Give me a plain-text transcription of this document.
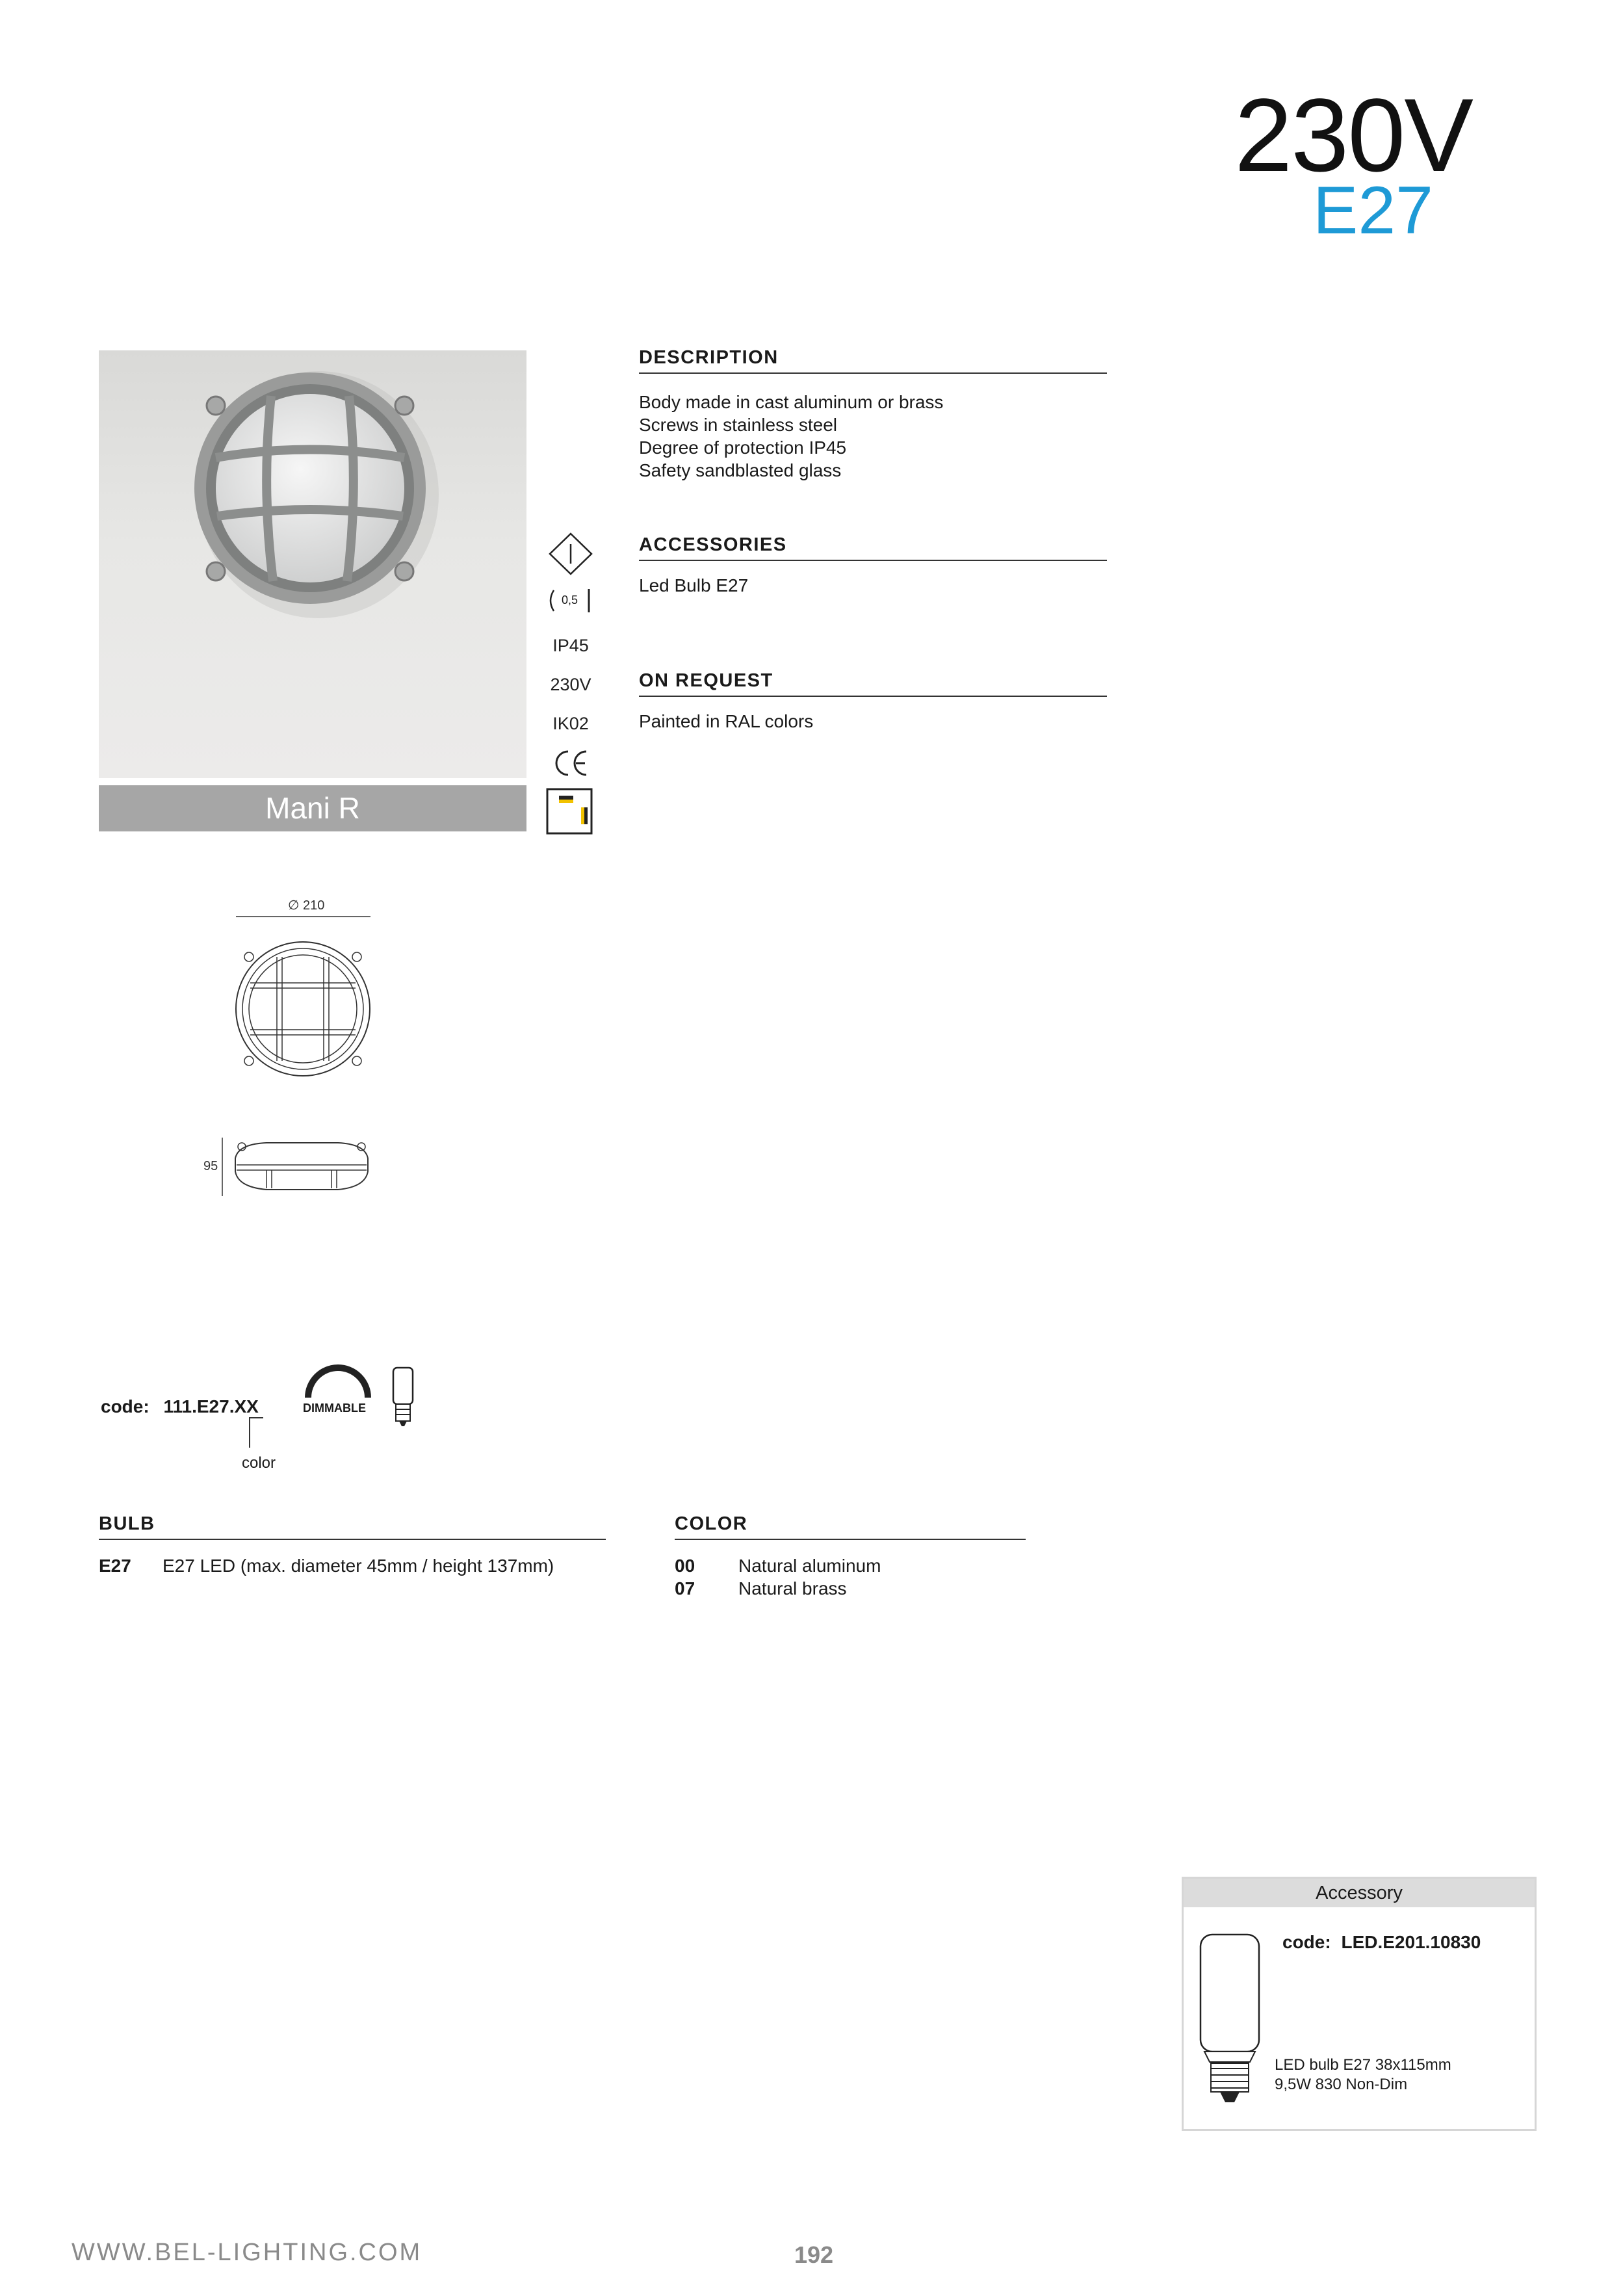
230V
E27
Mani R
0,5
IP45
230V
IK02
DESCRIPTION
Body made in cast aluminum or brass
Screws in stainless steel
Degree of protection IP45
Safety sandblasted glass
ACCESSORIES
Led Bulb E27
ON REQUEST
Painted in RAL colors
∅ 210
95
code: 111.E27.XX
color
DIMMABLE
BULB
E27	E27 LED (max. diameter 45mm / height 137mm)
COLOR
00	Natural aluminum
07	Natural brass
Accessory
code: LED.E201.10830
LED bulb E27 38x115mm
9,5W 830 Non-Dim
WWW.BEL-LIGHTING.COM	192
